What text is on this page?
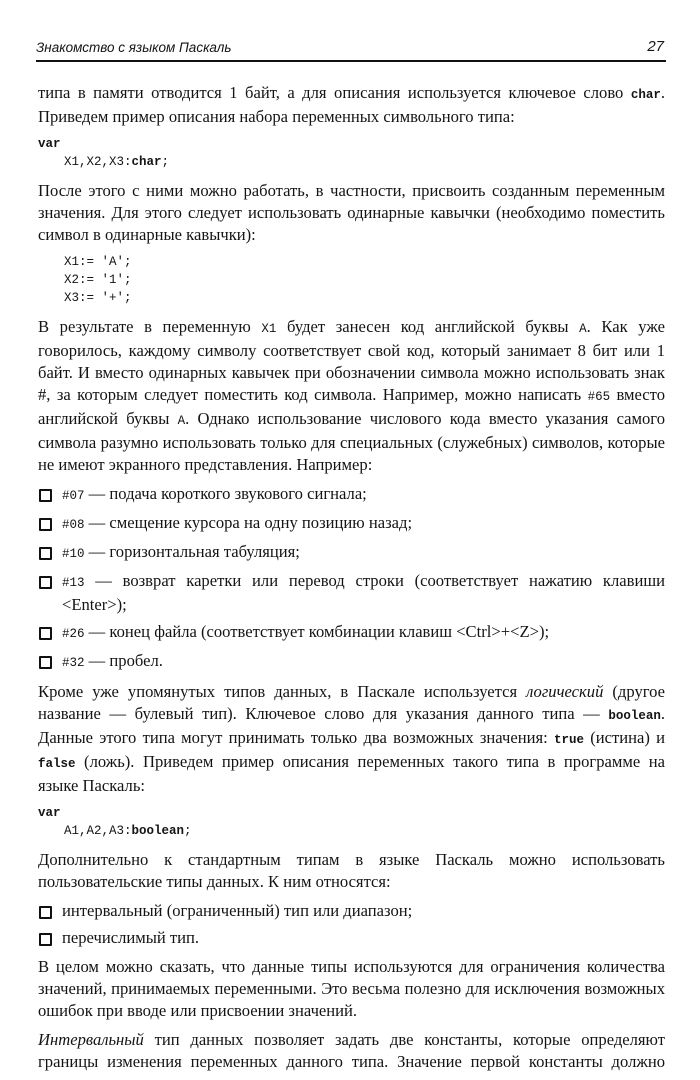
Знакомство с языком Паскаль	27

типа в памяти отводится 1 байт, а для описания используется ключевое слово char. Приведем пример описания набора переменных символьного типа:

var
X1,X2,X3:char;

После этого с ними можно работать, в частности, присвоить созданным переменным значения. Для этого следует использовать одинарные кавычки (необходимо поместить символ в одинарные кавычки):

X1:= 'A';
X2:= '1';
X3:= '+';

В результате в переменную X1 будет занесен код английской буквы A. Как уже говорилось, каждому символу соответствует свой код, который занимает 8 бит или 1 байт. И вместо одинарных кавычек при обозначении символа можно использовать знак #, за которым следует поместить код символа. Например, можно написать #65 вместо английской буквы A. Однако использование числового кода вместо указания самого символа разумно использовать только для специальных (служебных) символов, которые не имеют экранного представления. Например:

#07 — подача короткого звукового сигнала;
#08 — смещение курсора на одну позицию назад;
#10 — горизонтальная табуляция;
#13 — возврат каретки или перевод строки (соответствует нажатию клавиши <Enter>);
#26 — конец файла (соответствует комбинации клавиш <Ctrl>+<Z>);
#32 — пробел.

Кроме уже упомянутых типов данных, в Паскале используется логический (другое название — булевый тип). Ключевое слово для указания данного типа — boolean. Данные этого типа могут принимать только два возможных значения: true (истина) и false (ложь). Приведем пример описания переменных такого типа в программе на языке Паскаль:

var
A1,A2,A3:boolean;

Дополнительно к стандартным типам в языке Паскаль можно использовать пользовательские типы данных. К ним относятся:

интервальный (ограниченный) тип или диапазон;
перечислимый тип.

В целом можно сказать, что данные типы используются для ограничения количества значений, принимаемых переменными. Это весьма полезно для исключения возможных ошибок при вводе или присвоении значений.

Интервальный тип данных позволяет задать две константы, которые определяют границы изменения переменных данного типа. Значение первой константы должно
